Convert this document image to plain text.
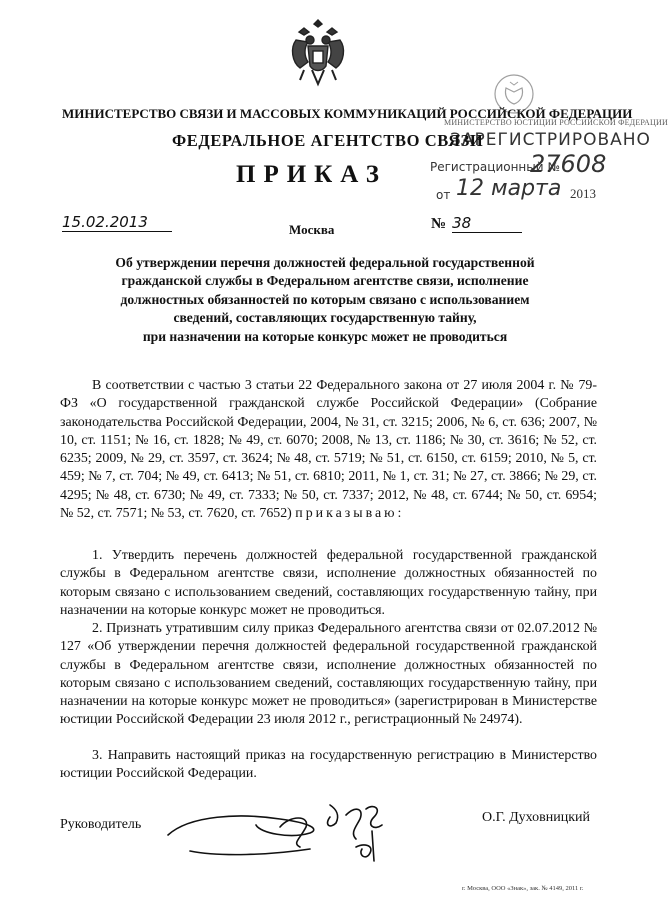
МИНИСТЕРСТВО ЮСТИЦИИ РОССИЙСКОЙ ФЕДЕРАЦИИ
ЗАРЕГИСТРИРОВАНО
Регистрационный №
27608
от 12 марта 2013
МИНИСТЕРСТВО СВЯЗИ И МАССОВЫХ КОММУНИКАЦИЙ РОССИЙСКОЙ ФЕДЕРАЦИИ
ФЕДЕРАЛЬНОЕ АГЕНТСТВО СВЯЗИ
ПРИКАЗ
15.02.2013	Москва	№ 38
Об утверждении перечня должностей федеральной государственной
гражданской службы в Федеральном агентстве связи, исполнение
должностных обязанностей по которым связано с использованием
сведений, составляющих государственную тайну,
при назначении на которые конкурс может не проводиться

В соответствии с частью 3 статьи 22 Федерального закона от 27 июля 2004 г. № 79-ФЗ «О государственной гражданской службе Российской Федерации» (Собрание законодательства Российской Федерации, 2004, № 31, ст. 3215; 2006, № 6, ст. 636; 2007, № 10, ст. 1151; № 16, ст. 1828; № 49, ст. 6070; 2008, № 13, ст. 1186; № 30, ст. 3616; № 52, ст. 6235; 2009, № 29, ст. 3597, ст. 3624; № 48, ст. 5719; № 51, ст. 6150, ст. 6159; 2010, № 5, ст. 459; № 7, ст. 704; № 49, ст. 6413; № 51, ст. 6810; 2011, № 1, ст. 31; № 27, ст. 3866; № 29, ст. 4295; № 48, ст. 6730; № 49, ст. 7333; № 50, ст. 7337; 2012, № 48, ст. 6744; № 50, ст. 6954; № 52, ст. 7571; № 53, ст. 7620, ст. 7652) приказываю:

1. Утвердить перечень должностей федеральной государственной гражданской службы в Федеральном агентстве связи, исполнение должностных обязанностей по которым связано с использованием сведений, составляющих государственную тайну, при назначении на которые конкурс может не проводиться.

2. Признать утратившим силу приказ Федерального агентства связи от 02.07.2012 № 127 «Об утверждении перечня должностей федеральной государственной гражданской службы в Федеральном агентстве связи, исполнение должностных обязанностей по которым связано с использованием сведений, составляющих государственную тайну, при назначении на которые конкурс может не проводиться» (зарегистрирован в Министерстве юстиции Российской Федерации 23 июля 2012 г., регистрационный № 24974).

3. Направить настоящий приказ на государственную регистрацию в Министерство юстиции Российской Федерации.

Руководитель	О.Г. Духовницкий
г. Москва, ООО «Знак», зак. № 4149, 2011 г.
